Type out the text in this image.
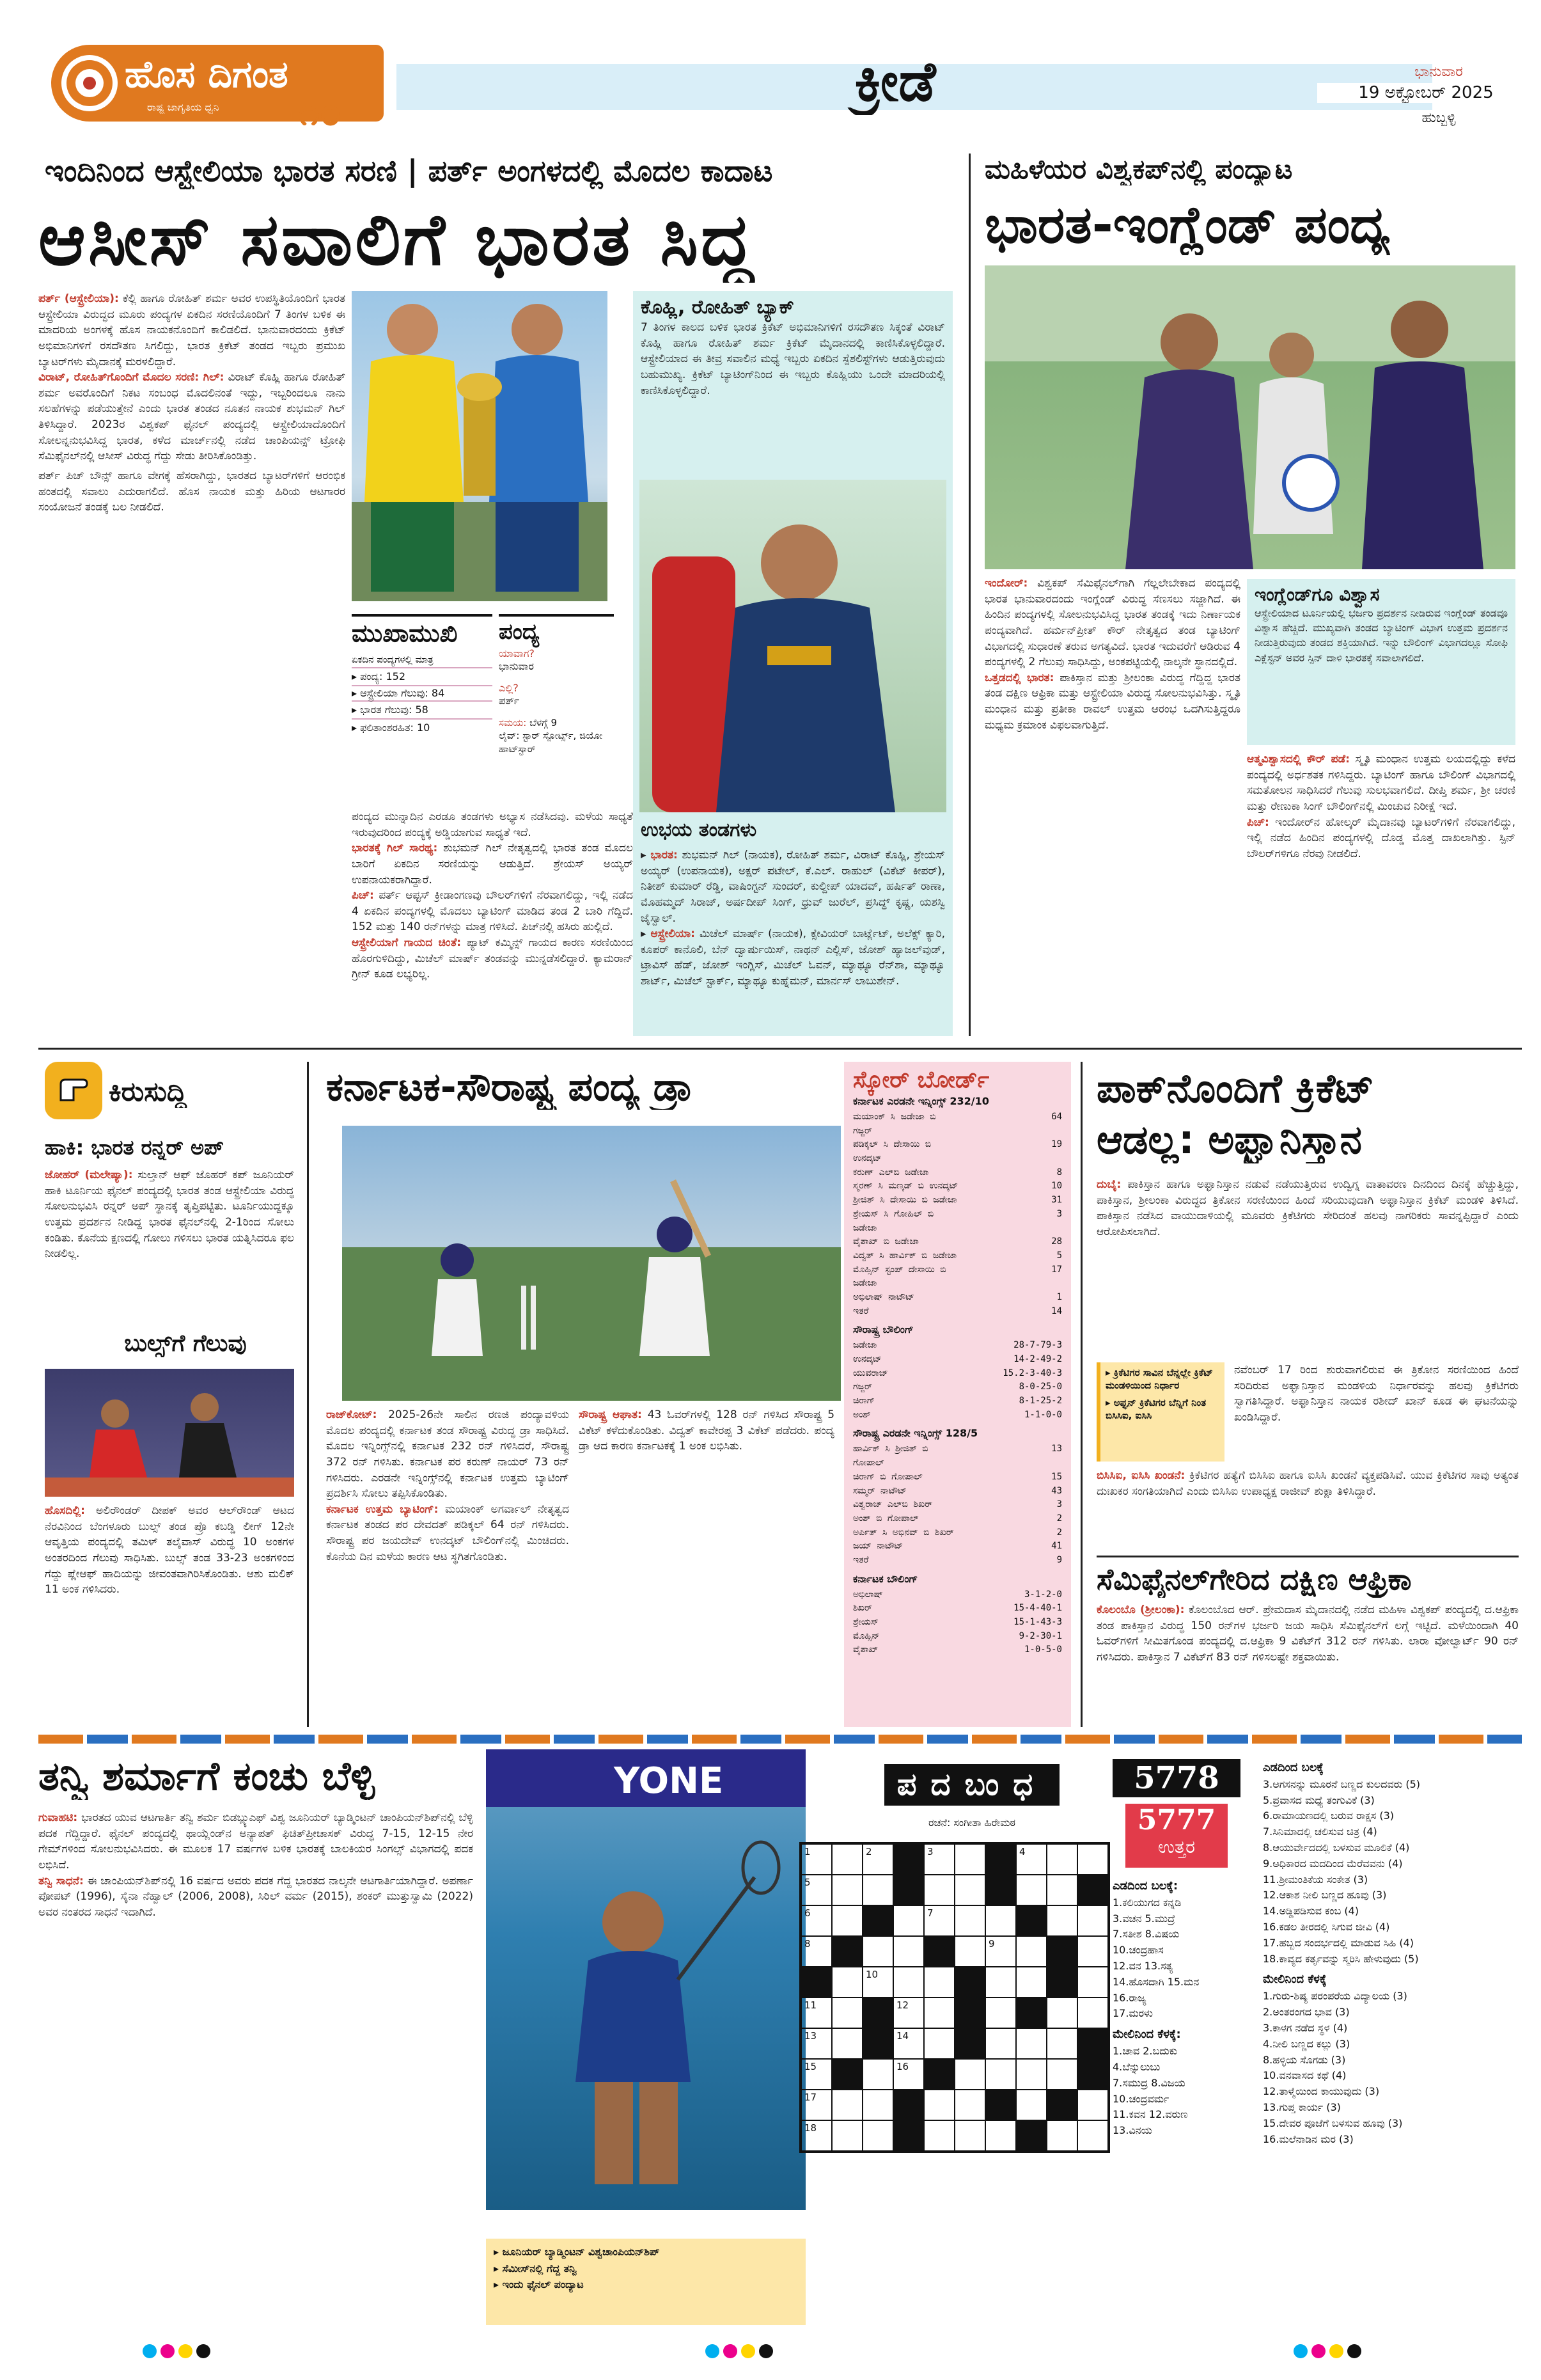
ಹೊಸ ದಿಗಂತ
ರಾಷ್ಟ್ರ ಜಾಗೃತಿಯ ಧ್ವನಿ	೧೦	ಕ್ರೀಡೆ	ಭಾನುವಾರ
19 ಅಕ್ಟೋಬರ್ 2025
ಹುಬ್ಬಳ್ಳಿ
ಇಂದಿನಿಂದ ಆಸ್ಟ್ರೇಲಿಯಾ ಭಾರತ ಸರಣಿ | ಪರ್ತ್ ಅಂಗಳದಲ್ಲಿ ಮೊದಲ ಕಾದಾಟ
ಆಸೀಸ್ ಸವಾಲಿಗೆ ಭಾರತ ಸಿದ್ಧ
ಪರ್ತ್ (ಆಸ್ಟ್ರೇಲಿಯಾ): ಕೆಲ್ಲಿ ಹಾಗೂ ರೋಹಿತ್ ಶರ್ಮ ಅವರ ಉಪಸ್ಥಿತಿಯೊಂದಿಗೆ ಭಾರತ ಆಸ್ಟ್ರೇಲಿಯಾ ವಿರುದ್ಧದ ಮೂರು ಪಂದ್ಯಗಳ ಏಕದಿನ ಸರಣಿಯೊಂದಿಗೆ 7 ತಿಂಗಳ ಬಳಿಕ ಈ ಮಾದರಿಯ ಅಂಗಳಕ್ಕೆ ಹೊಸ ನಾಯಕನೊಂದಿಗೆ ಕಾಲಿಡಲಿದೆ. ಭಾನುವಾರದಂದು ಕ್ರಿಕೆಟ್ ಅಭಿಮಾನಿಗಳಿಗೆ ರಸದೌತಣ ಸಿಗಲಿದ್ದು, ಭಾರತ ಕ್ರಿಕೆಟ್ ತಂಡದ ಇಬ್ಬರು ಪ್ರಮುಖ ಬ್ಯಾಟರ್‌ಗಳು ಮೈದಾನಕ್ಕೆ ಮರಳಲಿದ್ದಾರೆ.
ವಿರಾಟ್, ರೋಹಿತ್‌ಗೊಂದಿಗೆ ಮೊದಲ ಸರಣಿ: ಗಿಲ್: ವಿರಾಟ್ ಕೊಹ್ಲಿ ಹಾಗೂ ರೋಹಿತ್ ಶರ್ಮ ಅವರೊಂದಿಗೆ ನಿಕಟ ಸಂಬಂಧ ಮೊದಲಿನಂತೆ ಇದ್ದು, ಇಬ್ಬರಿಂದಲೂ ನಾನು ಸಲಹೆಗಳನ್ನು ಪಡೆಯುತ್ತೇನೆ ಎಂದು ಭಾರತ ತಂಡದ ನೂತನ ನಾಯಕ ಶುಭಮನ್ ಗಿಲ್ ತಿಳಿಸಿದ್ದಾರೆ. 2023ರ ವಿಶ್ವಕಪ್ ಫೈನಲ್ ಪಂದ್ಯದಲ್ಲಿ ಆಸ್ಟ್ರೇಲಿಯಾದೊಂದಿಗೆ ಸೋಲನ್ನನುಭವಿಸಿದ್ದ ಭಾರತ, ಕಳೆದ ಮಾರ್ಚ್‌ನಲ್ಲಿ ನಡೆದ ಚಾಂಪಿಯನ್ಸ್ ಟ್ರೋಫಿ ಸೆಮಿಫೈನಲ್‌ನಲ್ಲಿ ಆಸೀಸ್ ವಿರುದ್ಧ ಗೆದ್ದು ಸೇಡು ತೀರಿಸಿಕೊಂಡಿತ್ತು.

ಪರ್ತ್ ಪಿಚ್ ಬೌನ್ಸ್ ಹಾಗೂ ವೇಗಕ್ಕೆ ಹೆಸರಾಗಿದ್ದು, ಭಾರತದ ಬ್ಯಾಟರ್‌ಗಳಿಗೆ ಆರಂಭಿಕ ಹಂತದಲ್ಲಿ ಸವಾಲು ಎದುರಾಗಲಿದೆ. ಹೊಸ ನಾಯಕ ಮತ್ತು ಹಿರಿಯ ಆಟಗಾರರ ಸಂಯೋಜನೆ ತಂಡಕ್ಕೆ ಬಲ ನೀಡಲಿದೆ.

ಮುಖಾಮುಖಿ
ಏಕದಿನ ಪಂದ್ಯಗಳಲ್ಲಿ ಮಾತ್ರ
▸ ಪಂದ್ಯ: 152
▸ ಆಸ್ಟ್ರೇಲಿಯಾ ಗೆಲುವು: 84
▸ ಭಾರತ ಗೆಲುವು: 58
▸ ಫಲಿತಾಂಶರಹಿತ: 10
ಪಂದ್ಯ
ಯಾವಾಗ?
ಭಾನುವಾರ
ಎಲ್ಲಿ?
ಪರ್ತ್
ಸಮಯ: ಬೆಳಗ್ಗೆ 9
ಲೈವ್: ಸ್ಟಾರ್ ಸ್ಪೋರ್ಟ್ಸ್, ಜಿಯೋ ಹಾಟ್‌ಸ್ಟಾರ್
ಪಂದ್ಯದ ಮುನ್ನಾದಿನ ಎರಡೂ ತಂಡಗಳು ಅಭ್ಯಾಸ ನಡೆಸಿದವು. ಮಳೆಯ ಸಾಧ್ಯತೆ ಇರುವುದರಿಂದ ಪಂದ್ಯಕ್ಕೆ ಅಡ್ಡಿಯಾಗುವ ಸಾಧ್ಯತೆ ಇದೆ.
ಭಾರತಕ್ಕೆ ಗಿಲ್ ಸಾರಥ್ಯ: ಶುಭಮನ್ ಗಿಲ್ ನೇತೃತ್ವದಲ್ಲಿ ಭಾರತ ತಂಡ ಮೊದಲ ಬಾರಿಗೆ ಏಕದಿನ ಸರಣಿಯನ್ನು ಆಡುತ್ತಿದೆ. ಶ್ರೇಯಸ್ ಅಯ್ಯರ್ ಉಪನಾಯಕರಾಗಿದ್ದಾರೆ.
ಪಿಚ್: ಪರ್ತ್ ಆಪ್ಟಸ್ ಕ್ರೀಡಾಂಗಣವು ಬೌಲರ್‌ಗಳಿಗೆ ನೆರವಾಗಲಿದ್ದು, ಇಲ್ಲಿ ನಡೆದ 4 ಏಕದಿನ ಪಂದ್ಯಗಳಲ್ಲಿ ಮೊದಲು ಬ್ಯಾಟಿಂಗ್ ಮಾಡಿದ ತಂಡ 2 ಬಾರಿ ಗೆದ್ದಿದೆ. 152 ಮತ್ತು 140 ರನ್‌ಗಳನ್ನು ಮಾತ್ರ ಗಳಿಸಿದೆ. ಪಿಚ್‌ನಲ್ಲಿ ಹಸಿರು ಹುಲ್ಲಿದೆ.
ಆಸ್ಟ್ರೇಲಿಯಾಗೆ ಗಾಯದ ಚಿಂತೆ: ಪ್ಯಾಟ್ ಕಮ್ಮಿನ್ಸ್ ಗಾಯದ ಕಾರಣ ಸರಣಿಯಿಂದ ಹೊರಗುಳಿದಿದ್ದು, ಮಿಚೆಲ್ ಮಾರ್ಷ್ ತಂಡವನ್ನು ಮುನ್ನಡೆಸಲಿದ್ದಾರೆ. ಕ್ಯಾಮರಾನ್ ಗ್ರೀನ್ ಕೂಡ ಲಭ್ಯರಿಲ್ಲ.
ಕೊಹ್ಲಿ, ರೋಹಿತ್ ಬ್ಯಾಕ್
7 ತಿಂಗಳ ಕಾಲದ ಬಳಿಕ ಭಾರತ ಕ್ರಿಕೆಟ್ ಅಭಿಮಾನಿಗಳಿಗೆ ರಸದೌತಣ ಸಿಕ್ಕಂತೆ ವಿರಾಟ್ ಕೊಹ್ಲಿ ಹಾಗೂ ರೋಹಿತ್ ಶರ್ಮ ಕ್ರಿಕೆಟ್ ಮೈದಾನದಲ್ಲಿ ಕಾಣಿಸಿಕೊಳ್ಳಲಿದ್ದಾರೆ. ಆಸ್ಟ್ರೇಲಿಯಾದ ಈ ತೀವ್ರ ಸವಾಲಿನ ಮಧ್ಯೆ ಇಬ್ಬರು ಏಕದಿನ ಸ್ಪೆಶಲಿಸ್ಟ್‌ಗಳು ಆಡುತ್ತಿರುವುದು ಬಹುಮುಖ್ಯ. ಕ್ರಿಕೆಟ್ ಬ್ಯಾಟಿಂಗ್‌ನಿಂದ ಈ ಇಬ್ಬರು ಕೊಹ್ಲಿಯು ಒಂದೇ ಮಾದರಿಯಲ್ಲಿ ಕಾಣಿಸಿಕೊಳ್ಳಲಿದ್ದಾರೆ.
ಉಭಯ ತಂಡಗಳು
▸ ಭಾರತ: ಶುಭಮನ್ ಗಿಲ್ (ನಾಯಕ), ರೋಹಿತ್ ಶರ್ಮ, ವಿರಾಟ್ ಕೊಹ್ಲಿ, ಶ್ರೇಯಸ್ ಅಯ್ಯರ್ (ಉಪನಾಯಕ), ಅಕ್ಷರ್ ಪಟೇಲ್, ಕೆ.ಎಲ್. ರಾಹುಲ್ (ವಿಕೆಟ್ ಕೀಪರ್), ನಿತೀಶ್ ಕುಮಾರ್ ರೆಡ್ಡಿ, ವಾಷಿಂಗ್ಟನ್ ಸುಂದರ್, ಕುಲ್ದೀಪ್ ಯಾದವ್, ಹರ್ಷಿತ್ ರಾಣಾ, ಮೊಹಮ್ಮದ್ ಸಿರಾಜ್, ಅರ್ಷದೀಪ್ ಸಿಂಗ್, ಧ್ರುವ್ ಜುರೆಲ್, ಪ್ರಸಿದ್ಧ್ ಕೃಷ್ಣ, ಯಶಸ್ವಿ ಜೈಸ್ವಾಲ್.
▸ ಆಸ್ಟ್ರೇಲಿಯಾ: ಮಿಚೆಲ್ ಮಾರ್ಷ್ (ನಾಯಕ), ಕ್ಸೇವಿಯರ್ ಬಾರ್ಟ್ಲೆಟ್, ಅಲೆಕ್ಸ್ ಕ್ಯಾರಿ, ಕೂಪರ್ ಕಾನೊಲಿ, ಬೆನ್ ದ್ವಾರ್ಷುಯಿಸ್, ನಾಥನ್ ಎಲ್ಲಿಸ್, ಜೋಶ್ ಹ್ಯಾಜಲ್‌ವುಡ್, ಟ್ರಾವಿಸ್ ಹೆಡ್, ಜೋಶ್ ಇಂಗ್ಲಿಸ್, ಮಿಚೆಲ್ ಓವನ್, ಮ್ಯಾಥ್ಯೂ ರೆನ್‌ಶಾ, ಮ್ಯಾಥ್ಯೂ ಶಾರ್ಟ್, ಮಿಚೆಲ್ ಸ್ಟಾರ್ಕ್, ಮ್ಯಾಥ್ಯೂ ಕುಹ್ನೆಮನ್, ಮಾರ್ನಸ್ ಲಾಬುಶೇನ್.
ಮಹಿಳೆಯರ ವಿಶ್ವಕಪ್‌ನಲ್ಲಿ ಪಂದ್ಯಾಟ
ಭಾರತ-ಇಂಗ್ಲೆಂಡ್ ಪಂದ್ಯ
ಇಂದೋರ್: ವಿಶ್ವಕಪ್ ಸೆಮಿಫೈನಲ್‌ಗಾಗಿ ಗೆಲ್ಲಲೇಬೇಕಾದ ಪಂದ್ಯದಲ್ಲಿ ಭಾರತ ಭಾನುವಾರದಂದು ಇಂಗ್ಲೆಂಡ್ ವಿರುದ್ಧ ಸೆಣಸಲು ಸಜ್ಜಾಗಿದೆ. ಈ ಹಿಂದಿನ ಪಂದ್ಯಗಳಲ್ಲಿ ಸೋಲನುಭವಿಸಿದ್ದ ಭಾರತ ತಂಡಕ್ಕೆ ಇದು ನಿರ್ಣಾಯಕ ಪಂದ್ಯವಾಗಿದೆ. ಹರ್ಮನ್‌ಪ್ರೀತ್ ಕೌರ್ ನೇತೃತ್ವದ ತಂಡ ಬ್ಯಾಟಿಂಗ್ ವಿಭಾಗದಲ್ಲಿ ಸುಧಾರಣೆ ತರುವ ಅಗತ್ಯವಿದೆ. ಭಾರತ ಇದುವರೆಗೆ ಆಡಿರುವ 4 ಪಂದ್ಯಗಳಲ್ಲಿ 2 ಗೆಲುವು ಸಾಧಿಸಿದ್ದು, ಅಂಕಪಟ್ಟಿಯಲ್ಲಿ ನಾಲ್ಕನೇ ಸ್ಥಾನದಲ್ಲಿದೆ.
ಒತ್ತಡದಲ್ಲಿ ಭಾರತ: ಪಾಕಿಸ್ತಾನ ಮತ್ತು ಶ್ರೀಲಂಕಾ ವಿರುದ್ಧ ಗೆದ್ದಿದ್ದ ಭಾರತ ತಂಡ ದಕ್ಷಿಣ ಆಫ್ರಿಕಾ ಮತ್ತು ಆಸ್ಟ್ರೇಲಿಯಾ ವಿರುದ್ಧ ಸೋಲನುಭವಿಸಿತ್ತು. ಸ್ಮೃತಿ ಮಂಧಾನ ಮತ್ತು ಪ್ರತೀಕಾ ರಾವಲ್ ಉತ್ತಮ ಆರಂಭ ಒದಗಿಸುತ್ತಿದ್ದರೂ ಮಧ್ಯಮ ಕ್ರಮಾಂಕ ವಿಫಲವಾಗುತ್ತಿದೆ.
ಇಂಗ್ಲೆಂಡ್‌ಗೂ ವಿಶ್ವಾಸ
ಆಸ್ಟ್ರೇಲಿಯಾದ ಟೂರ್ನಿಯಲ್ಲಿ ಭರ್ಜರಿ ಪ್ರದರ್ಶನ ನೀಡಿರುವ ಇಂಗ್ಲೆಂಡ್ ತಂಡವೂ ವಿಶ್ವಾಸ ಹೆಚ್ಚಿದೆ. ಮುಖ್ಯವಾಗಿ ತಂಡದ ಬ್ಯಾಟಿಂಗ್ ವಿಭಾಗ ಉತ್ತಮ ಪ್ರದರ್ಶನ ನೀಡುತ್ತಿರುವುದು ತಂಡದ ಶಕ್ತಿಯಾಗಿದೆ. ಇನ್ನು ಬೌಲಿಂಗ್ ವಿಭಾಗದಲ್ಲೂ ಸೋಫಿ ಎಕ್ಲೆಸ್ಟನ್ ಅವರ ಸ್ಪಿನ್ ದಾಳಿ ಭಾರತಕ್ಕೆ ಸವಾಲಾಗಲಿದೆ.
ಆತ್ಮವಿಶ್ವಾಸದಲ್ಲಿ ಕೌರ್ ಪಡೆ: ಸ್ಮೃತಿ ಮಂಧಾನ ಉತ್ತಮ ಲಯದಲ್ಲಿದ್ದು ಕಳೆದ ಪಂದ್ಯದಲ್ಲಿ ಅರ್ಧಶತಕ ಗಳಿಸಿದ್ದರು. ಬ್ಯಾಟಿಂಗ್ ಹಾಗೂ ಬೌಲಿಂಗ್ ವಿಭಾಗದಲ್ಲಿ ಸಮತೋಲನ ಸಾಧಿಸಿದರೆ ಗೆಲುವು ಸುಲಭವಾಗಲಿದೆ. ದೀಪ್ತಿ ಶರ್ಮ, ಶ್ರೀ ಚರಣಿ ಮತ್ತು ರೇಣುಕಾ ಸಿಂಗ್ ಬೌಲಿಂಗ್‌ನಲ್ಲಿ ಮಿಂಚುವ ನಿರೀಕ್ಷೆ ಇದೆ.
ಪಿಚ್: ಇಂದೋರ್‌ನ ಹೋಲ್ಕರ್ ಮೈದಾನವು ಬ್ಯಾಟರ್‌ಗಳಿಗೆ ನೆರವಾಗಲಿದ್ದು, ಇಲ್ಲಿ ನಡೆದ ಹಿಂದಿನ ಪಂದ್ಯಗಳಲ್ಲಿ ದೊಡ್ಡ ಮೊತ್ತ ದಾಖಲಾಗಿತ್ತು. ಸ್ಪಿನ್ ಬೌಲರ್‌ಗಳಿಗೂ ನೆರವು ನೀಡಲಿದೆ.
ಕಿರುಸುದ್ದಿ
ಹಾಕಿ: ಭಾರತ ರನ್ನರ್ ಅಪ್
ಜೋಹರ್ (ಮಲೇಷ್ಯಾ): ಸುಲ್ತಾನ್ ಆಫ್ ಜೊಹರ್ ಕಪ್ ಜೂನಿಯರ್ ಹಾಕಿ ಟೂರ್ನಿಯ ಫೈನಲ್ ಪಂದ್ಯದಲ್ಲಿ ಭಾರತ ತಂಡ ಆಸ್ಟ್ರೇಲಿಯಾ ವಿರುದ್ಧ ಸೋಲನುಭವಿಸಿ ರನ್ನರ್ ಅಪ್ ಸ್ಥಾನಕ್ಕೆ ತೃಪ್ತಿಪಟ್ಟಿತು. ಟೂರ್ನಿಯುದ್ದಕ್ಕೂ ಉತ್ತಮ ಪ್ರದರ್ಶನ ನೀಡಿದ್ದ ಭಾರತ ಫೈನಲ್‌ನಲ್ಲಿ 2-1ರಿಂದ ಸೋಲು ಕಂಡಿತು. ಕೊನೆಯ ಕ್ಷಣದಲ್ಲಿ ಗೋಲು ಗಳಿಸಲು ಭಾರತ ಯತ್ನಿಸಿದರೂ ಫಲ ನೀಡಲಿಲ್ಲ.
ಬುಲ್ಸ್‌ಗೆ ಗೆಲುವು
ಹೊಸದಿಲ್ಲಿ: ಅಲಿರೌಂಡರ್ ದೀಪಕ್ ಅವರ ಆಲ್‌ರೌಂಡ್ ಆಟದ ನೆರವಿನಿಂದ ಬೆಂಗಳೂರು ಬುಲ್ಸ್ ತಂಡ ಪ್ರೊ ಕಬಡ್ಡಿ ಲೀಗ್ 12ನೇ ಆವೃತ್ತಿಯ ಪಂದ್ಯದಲ್ಲಿ ತಮಿಳ್ ತಲೈವಾಸ್ ವಿರುದ್ಧ 10 ಅಂಕಗಳ ಅಂತರದಿಂದ ಗೆಲುವು ಸಾಧಿಸಿತು. ಬುಲ್ಸ್ ತಂಡ 33-23 ಅಂಕಗಳಿಂದ ಗೆದ್ದು ಪ್ಲೇಆಫ್ ಹಾದಿಯನ್ನು ಜೀವಂತವಾಗಿರಿಸಿಕೊಂಡಿತು. ಆಶು ಮಲಿಕ್ 11 ಅಂಕ ಗಳಿಸಿದರು.
ಕರ್ನಾಟಕ-ಸೌರಾಷ್ಟ್ರ ಪಂದ್ಯ ಡ್ರಾ
ರಾಜ್‌ಕೋಟ್: 2025-26ನೇ ಸಾಲಿನ ರಣಜಿ ಪಂದ್ಯಾವಳಿಯ ಮೊದಲ ಪಂದ್ಯದಲ್ಲಿ ಕರ್ನಾಟಕ ತಂಡ ಸೌರಾಷ್ಟ್ರ ವಿರುದ್ಧ ಡ್ರಾ ಸಾಧಿಸಿದೆ. ಮೊದಲ ಇನ್ನಿಂಗ್ಸ್‌ನಲ್ಲಿ ಕರ್ನಾಟಕ 232 ರನ್ ಗಳಿಸಿದರೆ, ಸೌರಾಷ್ಟ್ರ 372 ರನ್ ಗಳಿಸಿತು. ಕರ್ನಾಟಕ ಪರ ಕರುಣ್ ನಾಯರ್ 73 ರನ್ ಗಳಿಸಿದರು. ಎರಡನೇ ಇನ್ನಿಂಗ್ಸ್‌ನಲ್ಲಿ ಕರ್ನಾಟಕ ಉತ್ತಮ ಬ್ಯಾಟಿಂಗ್ ಪ್ರದರ್ಶಿಸಿ ಸೋಲು ತಪ್ಪಿಸಿಕೊಂಡಿತು.
ಕರ್ನಾಟಕ ಉತ್ತಮ ಬ್ಯಾಟಿಂಗ್: ಮಯಾಂಕ್ ಅಗರ್ವಾಲ್ ನೇತೃತ್ವದ ಕರ್ನಾಟಕ ತಂಡದ ಪರ ದೇವದತ್ ಪಡಿಕ್ಕಲ್ 64 ರನ್ ಗಳಿಸಿದರು. ಸೌರಾಷ್ಟ್ರ ಪರ ಜಯದೇವ್ ಉನದ್ಕಟ್ ಬೌಲಿಂಗ್‌ನಲ್ಲಿ ಮಿಂಚಿದರು. ಕೊನೆಯ ದಿನ ಮಳೆಯ ಕಾರಣ ಆಟ ಸ್ಥಗಿತಗೊಂಡಿತು.
ಸೌರಾಷ್ಟ್ರ ಆಘಾತ: 43 ಓವರ್‌ಗಳಲ್ಲಿ 128 ರನ್ ಗಳಿಸಿದ ಸೌರಾಷ್ಟ್ರ 5 ವಿಕೆಟ್ ಕಳೆದುಕೊಂಡಿತು. ವಿದ್ವತ್ ಕಾವೇರಪ್ಪ 3 ವಿಕೆಟ್ ಪಡೆದರು. ಪಂದ್ಯ ಡ್ರಾ ಆದ ಕಾರಣ ಕರ್ನಾಟಕಕ್ಕೆ 1 ಅಂಕ ಲಭಿಸಿತು.
ಸ್ಕೋರ್ ಬೋರ್ಡ್
ಕರ್ನಾಟಕ ಎರಡನೇ ಇನ್ನಿಂಗ್ಸ್ 232/10
ಮಯಾಂಕ್ ಸಿ ಜಡೇಜಾ ಬಿ ಗಜ್ಜರ್
64
ಪಡಿಕ್ಕಲ್ ಸಿ ದೇಸಾಯಿ ಬಿ ಉನದ್ಕಟ್
19
ಕರುಣ್ ಎಲ್‌ಬಿ ಜಡೇಜಾ	8
ಸ್ಮರಣ್ ಸಿ ಮಣ್ಕಡ್ ಬಿ ಉನದ್ಕಟ್	10
ಶ್ರೀಜಿತ್ ಸಿ ದೇಸಾಯಿ ಬಿ ಜಡೇಜಾ	31
ಶ್ರೇಯಸ್ ಸಿ ಗೋಹಿಲ್ ಬಿ ಜಡೇಜಾ
3
ವೈಶಾಖ್ ಬಿ ಜಡೇಜಾ	28
ವಿದ್ವತ್ ಸಿ ಹಾರ್ವಿಕ್ ಬಿ ಜಡೇಜಾ	5
ಮೊಹ್ಸಿನ್ ಸ್ಟಂಪ್ ದೇಸಾಯಿ ಬಿ ಜಡೇಜಾ
17
ಅಭಿಲಾಷ್ ನಾಟೌಟ್	1
ಇತರೆ	14
ಸೌರಾಷ್ಟ್ರ ಬೌಲಿಂಗ್
ಜಡೇಜಾ	28-7-79-3
ಉನದ್ಕಟ್	14-2-49-2
ಯುವರಾಜ್	15.2-3-40-3
ಗಜ್ಜರ್	8-0-25-0
ಚಿರಾಗ್	8-1-25-2
ಅಂಶ್	1-1-0-0
ಸೌರಾಷ್ಟ್ರ ಎರಡನೇ ಇನ್ನಿಂಗ್ಸ್ 128/5
ಹಾರ್ವಿಕ್ ಸಿ ಶ್ರೀಜಿತ್ ಬಿ ಗೋಪಾಲ್
13
ಚಿರಾಗ್ ಬಿ ಗೋಪಾಲ್	15
ಸಮ್ಮರ್ ನಾಟೌಟ್	43
ವಿಶ್ವರಾಜ್ ಎಲ್‌ಬಿ ಶಿಖರ್	3
ಅಂಶ್ ಬಿ ಗೋಪಾಲ್	2
ಅರ್ಪಿತ್ ಸಿ ಅಭಿನವ್ ಬಿ ಶಿಖರ್	2
ಜಯ್ ನಾಟೌಟ್	41
ಇತರೆ	9
ಕರ್ನಾಟಕ ಬೌಲಿಂಗ್
ಅಭಿಲಾಷ್	3-1-2-0
ಶಿಖರ್	15-4-40-1
ಶ್ರೇಯಸ್	15-1-43-3
ಮೊಹ್ಸಿನ್	9-2-30-1
ವೈಶಾಖ್	1-0-5-0
ಪಾಕ್‌ನೊಂದಿಗೆ ಕ್ರಿಕೆಟ್
ಆಡಲ್ಲ: ಅಫ್ಘಾನಿಸ್ತಾನ
ದುಬೈ: ಪಾಕಿಸ್ತಾನ ಹಾಗೂ ಅಫ್ಘಾನಿಸ್ತಾನ ನಡುವೆ ನಡೆಯುತ್ತಿರುವ ಉದ್ವಿಗ್ನ ವಾತಾವರಣ ದಿನದಿಂದ ದಿನಕ್ಕೆ ಹೆಚ್ಚುತ್ತಿದ್ದು, ಪಾಕಿಸ್ತಾನ, ಶ್ರೀಲಂಕಾ ವಿರುದ್ಧದ ತ್ರಿಕೋನ ಸರಣಿಯಿಂದ ಹಿಂದೆ ಸರಿಯುವುದಾಗಿ ಅಫ್ಘಾನಿಸ್ತಾನ ಕ್ರಿಕೆಟ್ ಮಂಡಳಿ ತಿಳಿಸಿದೆ. ಪಾಕಿಸ್ತಾನ ನಡೆಸಿದ ವಾಯುದಾಳಿಯಲ್ಲಿ ಮೂವರು ಕ್ರಿಕೆಟಿಗರು ಸೇರಿದಂತೆ ಹಲವು ನಾಗರಿಕರು ಸಾವನ್ನಪ್ಪಿದ್ದಾರೆ ಎಂದು ಆರೋಪಿಸಲಾಗಿದೆ.
▸ ಕ್ರಿಕೆಟಿಗರ ಸಾವಿನ ಬೆನ್ನಲ್ಲೇ ಕ್ರಿಕೆಟ್ ಮಂಡಳಿಯಿಂದ ನಿರ್ಧಾರ
▸ ಅಫ್ಘನ್ ಕ್ರಿಕೆಟಿಗರ ಬೆನ್ನಿಗೆ ನಿಂತ ಬಿಸಿಸಿಐ, ಐಸಿಸಿ
ನವೆಂಬರ್ 17 ರಿಂದ ಶುರುವಾಗಲಿರುವ ಈ ತ್ರಿಕೋನ ಸರಣಿಯಿಂದ ಹಿಂದೆ ಸರಿದಿರುವ ಅಫ್ಘಾನಿಸ್ತಾನ ಮಂಡಳಿಯ ನಿರ್ಧಾರವನ್ನು ಹಲವು ಕ್ರಿಕೆಟಿಗರು ಸ್ವಾಗತಿಸಿದ್ದಾರೆ. ಅಫ್ಘಾನಿಸ್ತಾನ ನಾಯಕ ರಶೀದ್ ಖಾನ್ ಕೂಡ ಈ ಘಟನೆಯನ್ನು ಖಂಡಿಸಿದ್ದಾರೆ.
ಬಿಸಿಸಿಐ, ಐಸಿಸಿ ಖಂಡನೆ: ಕ್ರಿಕೆಟಿಗರ ಹತ್ಯೆಗೆ ಬಿಸಿಸಿಐ ಹಾಗೂ ಐಸಿಸಿ ಖಂಡನೆ ವ್ಯಕ್ತಪಡಿಸಿವೆ. ಯುವ ಕ್ರಿಕೆಟಿಗರ ಸಾವು ಅತ್ಯಂತ ದುಃಖಕರ ಸಂಗತಿಯಾಗಿದೆ ಎಂದು ಬಿಸಿಸಿಐ ಉಪಾಧ್ಯಕ್ಷ ರಾಜೀವ್ ಶುಕ್ಲಾ ತಿಳಿಸಿದ್ದಾರೆ.
ಸೆಮಿಫೈನಲ್‌ಗೇರಿದ ದಕ್ಷಿಣ ಆಫ್ರಿಕಾ
ಕೊಲಂಬೊ (ಶ್ರೀಲಂಕಾ): ಕೊಲಂಬೊದ ಆರ್. ಪ್ರೇಮದಾಸ ಮೈದಾನದಲ್ಲಿ ನಡೆದ ಮಹಿಳಾ ವಿಶ್ವಕಪ್ ಪಂದ್ಯದಲ್ಲಿ ದ.ಆಫ್ರಿಕಾ ತಂಡ ಪಾಕಿಸ್ತಾನ ವಿರುದ್ಧ 150 ರನ್‌ಗಳ ಭರ್ಜರಿ ಜಯ ಸಾಧಿಸಿ ಸೆಮಿಫೈನಲ್‌ಗೆ ಲಗ್ಗೆ ಇಟ್ಟಿದೆ. ಮಳೆಯಿಂದಾಗಿ 40 ಓವರ್‌ಗಳಿಗೆ ಸೀಮಿತಗೊಂಡ ಪಂದ್ಯದಲ್ಲಿ ದ.ಆಫ್ರಿಕಾ 9 ವಿಕೆಟ್‌ಗೆ 312 ರನ್ ಗಳಿಸಿತು. ಲಾರಾ ವೋಲ್ವಾರ್ಟ್ 90 ರನ್ ಗಳಿಸಿದರು. ಪಾಕಿಸ್ತಾನ 7 ವಿಕೆಟ್‌ಗೆ 83 ರನ್ ಗಳಿಸಲಷ್ಟೇ ಶಕ್ತವಾಯಿತು.
ತನ್ವಿ ಶರ್ಮಾಗೆ ಕಂಚು ಬೆಳ್ಳಿ
ಗುವಾಹಟಿ: ಭಾರತದ ಯುವ ಆಟಗಾರ್ತಿ ತನ್ವಿ ಶರ್ಮ ಬಿಡಬ್ಲ್ಯುಎಫ್ ವಿಶ್ವ ಜೂನಿಯರ್ ಬ್ಯಾಡ್ಮಿಂಟನ್ ಚಾಂಪಿಯನ್‌ಶಿಪ್‌ನಲ್ಲಿ ಬೆಳ್ಳಿ ಪದಕ ಗೆದ್ದಿದ್ದಾರೆ. ಫೈನಲ್ ಪಂದ್ಯದಲ್ಲಿ ಥಾಯ್ಲೆಂಡ್‌ನ ಅನ್ಯಾಪತ್ ಫಿಚಿತ್‌ಪ್ರೀಚಾಸಕ್ ವಿರುದ್ಧ 7-15, 12-15 ನೇರ ಗೇಮ್‌ಗಳಿಂದ ಸೋಲನುಭವಿಸಿದರು. ಈ ಮೂಲಕ 17 ವರ್ಷಗಳ ಬಳಿಕ ಭಾರತಕ್ಕೆ ಬಾಲಕಿಯರ ಸಿಂಗಲ್ಸ್ ವಿಭಾಗದಲ್ಲಿ ಪದಕ ಲಭಿಸಿದೆ.
ತನ್ವಿ ಸಾಧನೆ: ಈ ಚಾಂಪಿಯನ್‌ಶಿಪ್‌ನಲ್ಲಿ 16 ವರ್ಷದ ಅವರು ಪದಕ ಗೆದ್ದ ಭಾರತದ ನಾಲ್ಕನೇ ಆಟಗಾರ್ತಿಯಾಗಿದ್ದಾರೆ. ಅಪರ್ಣಾ ಪೋಪಟ್ (1996), ಸೈನಾ ನೆಹ್ವಾಲ್ (2006, 2008), ಸಿರಿಲ್ ವರ್ಮ (2015), ಶಂಕರ್ ಮುತ್ತುಸ್ವಾಮಿ (2022) ಅವರ ನಂತರದ ಸಾಧನೆ ಇದಾಗಿದೆ.
YONE
▸ ಜೂನಿಯರ್ ಬ್ಯಾಡ್ಮಿಂಟನ್ ವಿಶ್ವಚಾಂಪಿಯನ್‌ಶಿಪ್
▸ ಸೆಮೀಸ್‌ನಲ್ಲಿ ಗೆದ್ದ ತನ್ವಿ
▸ ಇಂದು ಫೈನಲ್ ಪಂದ್ಯಾಟ
ಪದಬಂಧ
ರಚನೆ: ಸಂಗೀತಾ ಹಿರೇಮಠ
1	2	3	4
5
6	7
8	9
10
11	12
13	14
15	16
17
18
5778
5777
ಉತ್ತರ
ಎಡದಿಂದ ಬಲಕ್ಕೆ:
1.ಕಲಿಯುಗದ ಕನ್ನಡಿ
3.ವಚನ 5.ಮುದ್ರೆ
7.ಸತೀಶ 8.ವಿಷಯ
10.ಚಂದ್ರಹಾಸ
12.ವನ 13.ಸತ್ಯ
14.ಹೊಸದಾಗಿ 15.ಮನ
16.ರಾಜ್ಯ
17.ಮರಳು
ಮೇಲಿನಿಂದ ಕೆಳಕ್ಕೆ:
1.ಚಾವ 2.ಬದುಕು
4.ಬೆನ್ನುಲುಬು
7.ಸಮುದ್ರ 8.ವಿಜಯ
10.ಚಂದ್ರವರ್ಮ
11.ಕವನ 12.ವರುಣ
13.ವಿನಯ
ಎಡದಿಂದ ಬಲಕ್ಕೆ
3.ಅಗಸನನ್ನು ಮೂರನೆ ಬಣ್ಣದ ಕುಲದವರು (5)
5.ಪ್ರವಾಸದ ಮಧ್ಯೆ ತಂಗುವಿಕೆ (3)
6.ರಾಮಾಯಣದಲ್ಲಿ ಬರುವ ರಾಕ್ಷಸ (3)
7.ಸಿನಿಮಾದಲ್ಲಿ ಚಲಿಸುವ ಚಿತ್ರ (4)
8.ಆಯುರ್ವೇದದಲ್ಲಿ ಬಳಸುವ ಮೂಲಿಕೆ (4)
9.ಅಧಿಕಾರದ ಮದದಿಂದ ಮೆರೆವವನು (4)
11.ಶ್ರೀಮಂತಿಕೆಯ ಸಂಕೇತ (3)
12.ಆಕಾಶ ನೀಲಿ ಬಣ್ಣದ ಹೂವು (3)
14.ಅಡ್ಡಿಪಡಿಸುವ ಕಂಬ (4)
16.ಕಡಲ ತೀರದಲ್ಲಿ ಸಿಗುವ ಜೀವಿ (4)
17.ಹಬ್ಬದ ಸಂದರ್ಭದಲ್ಲಿ ಮಾಡುವ ಸಿಹಿ (4)
18.ಕಾವ್ಯದ ಕರ್ತೃವನ್ನು ಸ್ಮರಿಸಿ ಹೇಳುವುದು (5)
ಮೇಲಿನಿಂದ ಕೆಳಕ್ಕೆ
1.ಗುರು-ಶಿಷ್ಯ ಪರಂಪರೆಯ ವಿದ್ಯಾಲಯ (3)
2.ಅಂತರಂಗದ ಭಾವ (3)
3.ಕಾಳಗ ನಡೆದ ಸ್ಥಳ (4)
4.ನೀಲಿ ಬಣ್ಣದ ಕಲ್ಲು (3)
8.ಹಳ್ಳಿಯ ಸೊಗಡು (3)
10.ವನವಾಸದ ಕಥೆ (4)
12.ತಾಳ್ಮೆಯಿಂದ ಕಾಯುವುದು (3)
13.ಗುಪ್ತ ಕಾರ್ಯ (3)
15.ದೇವರ ಪೂಜೆಗೆ ಬಳಸುವ ಹೂವು (3)
16.ಮಲೆನಾಡಿನ ಮರ (3)
